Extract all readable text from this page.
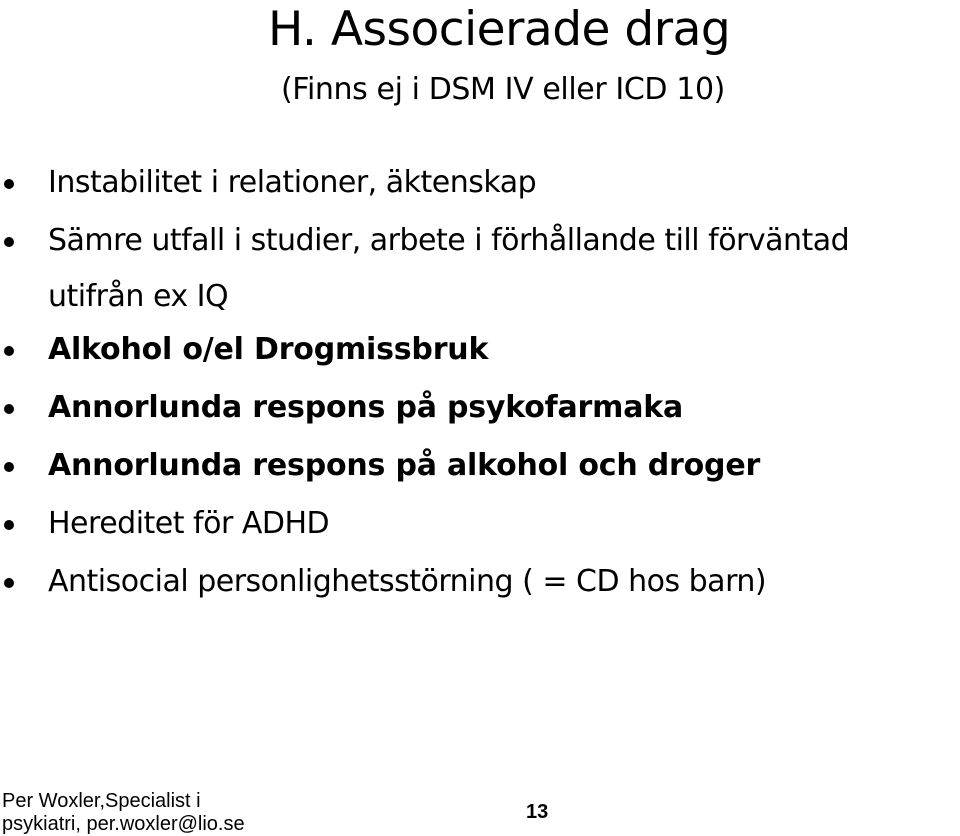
H. Associerade drag
(Finns ej i DSM IV eller ICD 10)
Instabilitet i relationer, äktenskap
Sämre utfall i studier, arbete i förhållande till förväntad utifrån ex IQ
Alkohol o/el Drogmissbruk
Annorlunda respons på psykofarmaka
Annorlunda respons på alkohol och droger
Hereditet för ADHD
Antisocial personlighetsstörning ( = CD hos barn)
Per Woxler,Specialist i
psykiatri, per.woxler@lio.se
13
